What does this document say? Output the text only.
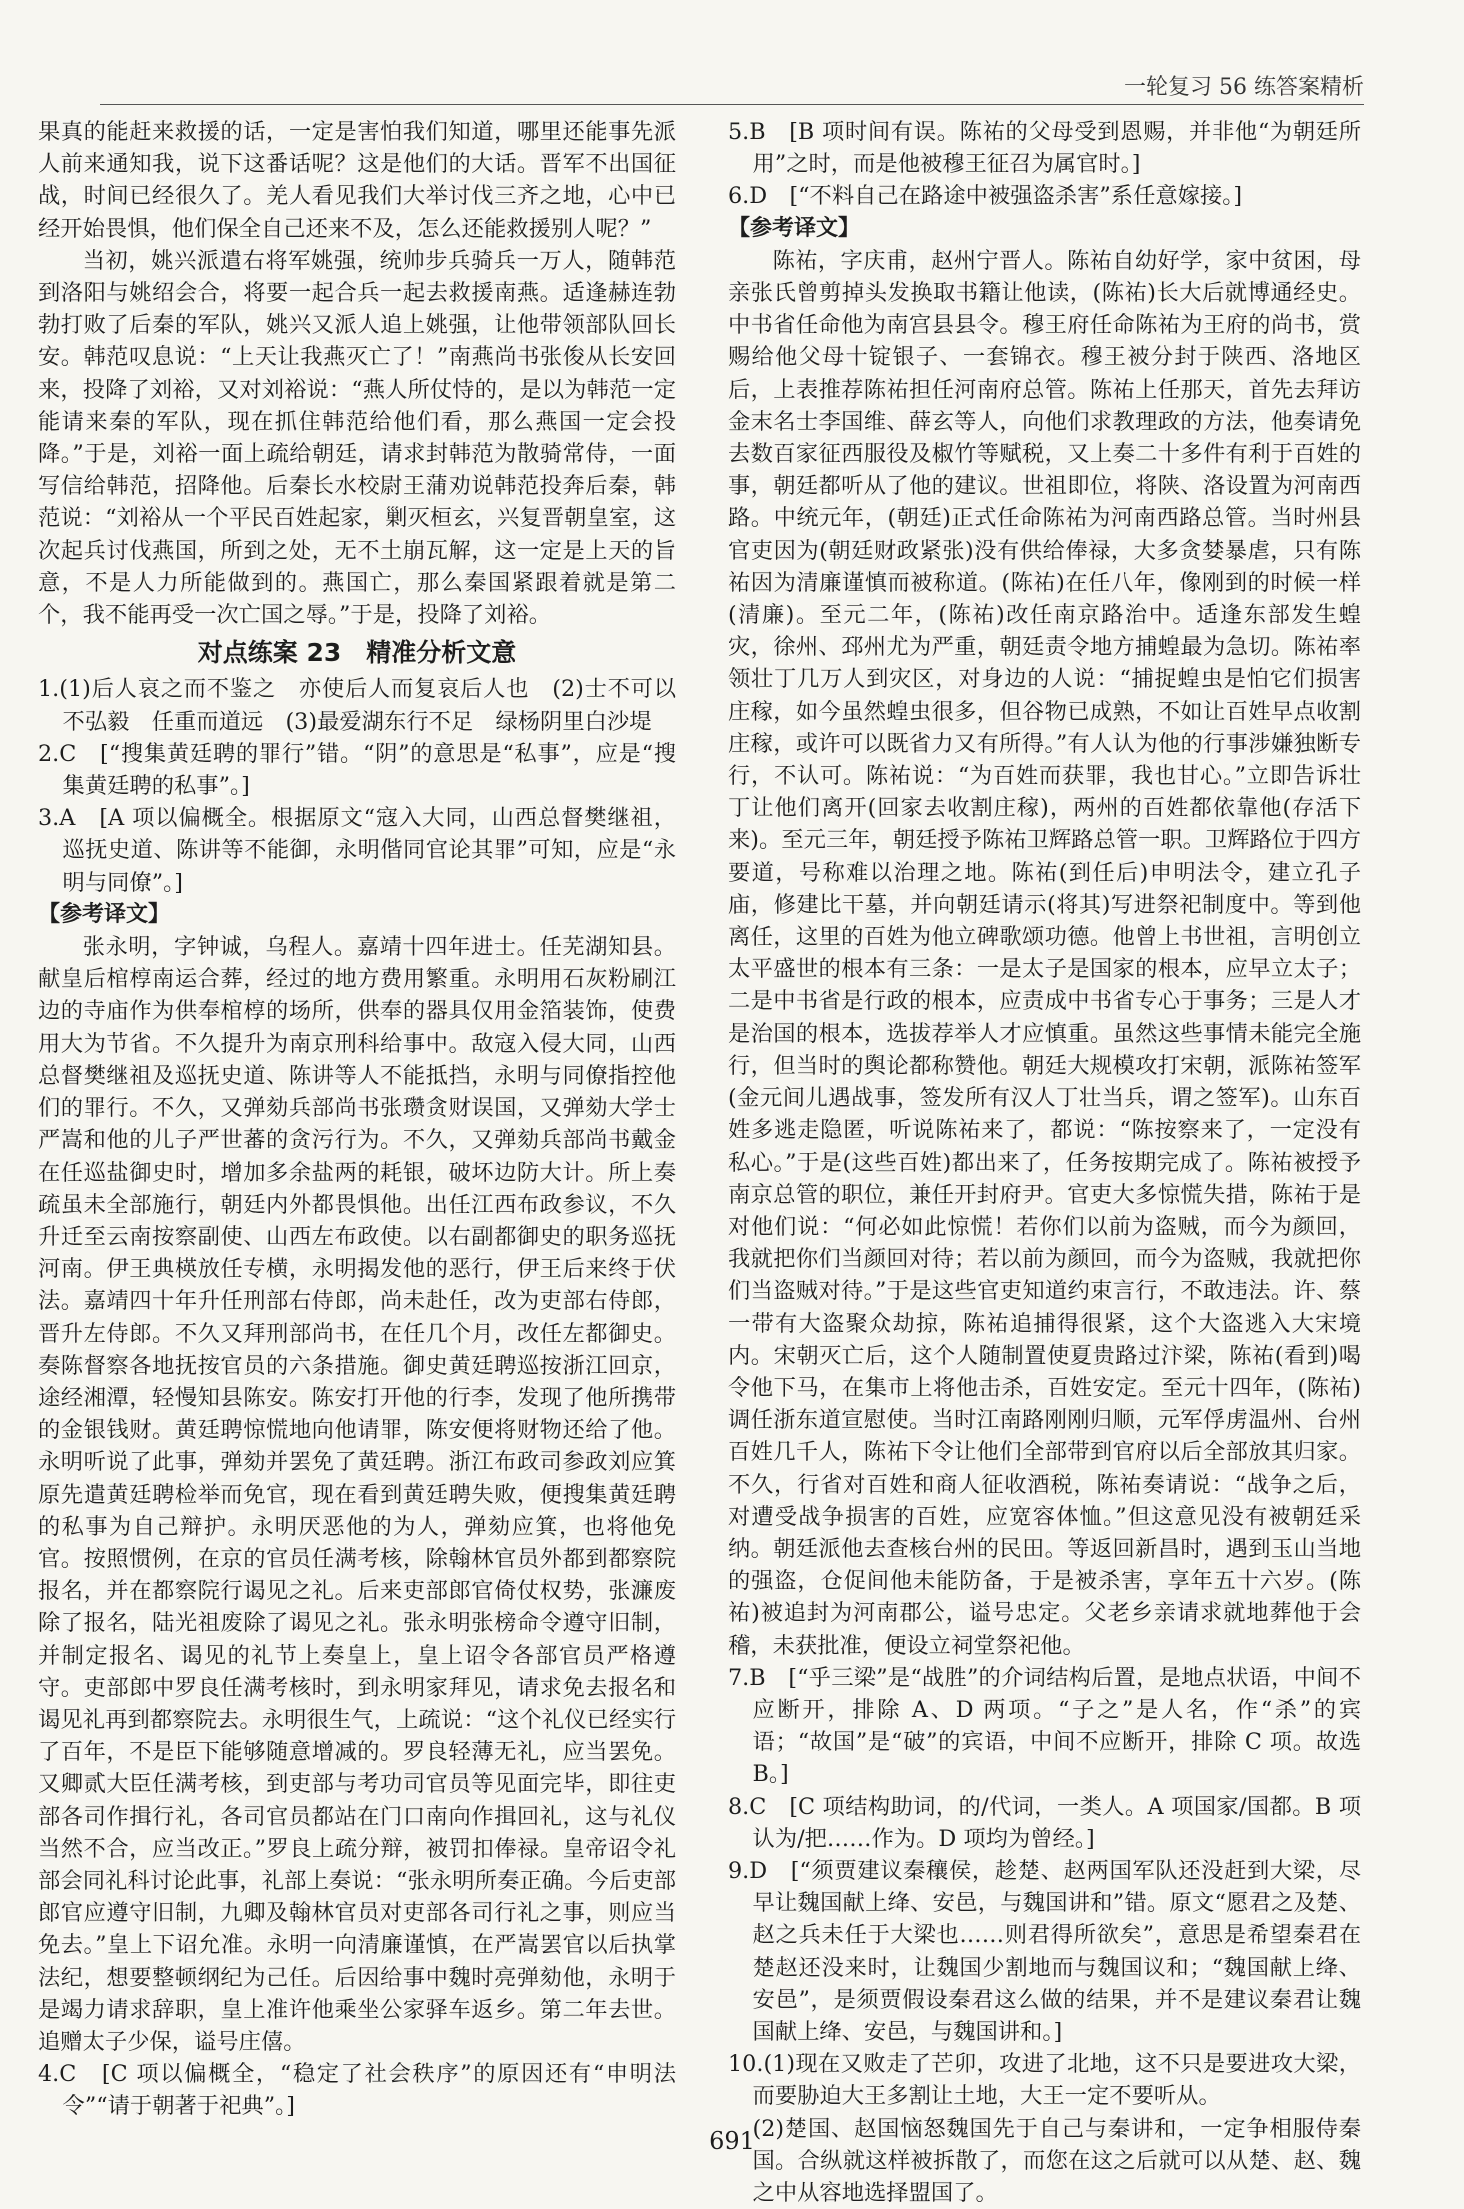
一轮复习 56 练答案精析

果真的能赶来救援的话，一定是害怕我们知道，哪里还能事先派人前来通知我，说下这番话呢？这是他们的大话。晋军不出国征战，时间已经很久了。羌人看见我们大举讨伐三齐之地，心中已经开始畏惧，他们保全自己还来不及，怎么还能救援别人呢？”

当初，姚兴派遣右将军姚强，统帅步兵骑兵一万人，随韩范到洛阳与姚绍会合，将要一起合兵一起去救援南燕。适逢赫连勃勃打败了后秦的军队，姚兴又派人追上姚强，让他带领部队回长安。韩范叹息说：“上天让我燕灭亡了！”南燕尚书张俊从长安回来，投降了刘裕，又对刘裕说：“燕人所仗恃的，是以为韩范一定能请来秦的军队，现在抓住韩范给他们看，那么燕国一定会投降。”于是，刘裕一面上疏给朝廷，请求封韩范为散骑常侍，一面写信给韩范，招降他。后秦长水校尉王蒲劝说韩范投奔后秦，韩范说：“刘裕从一个平民百姓起家，剿灭桓玄，兴复晋朝皇室，这次起兵讨伐燕国，所到之处，无不土崩瓦解，这一定是上天的旨意，不是人力所能做到的。燕国亡，那么秦国紧跟着就是第二个，我不能再受一次亡国之辱。”于是，投降了刘裕。

对点练案 23　精准分析文意

1.(1)后人哀之而不鉴之　亦使后人而复哀后人也　(2)士不可以不弘毅　任重而道远　(3)最爱湖东行不足　绿杨阴里白沙堤

2.C　[“搜集黄廷聘的罪行”错。“阴”的意思是“私事”，应是“搜集黄廷聘的私事”。]

3.A　[A 项以偏概全。根据原文“寇入大同，山西总督樊继祖，巡抚史道、陈讲等不能御，永明偕同官论其罪”可知，应是“永明与同僚”。]

【参考译文】

张永明，字钟诚，乌程人。嘉靖十四年进士。任芜湖知县。献皇后棺椁南运合葬，经过的地方费用繁重。永明用石灰粉刷江边的寺庙作为供奉棺椁的场所，供奉的器具仅用金箔装饰，使费用大为节省。不久提升为南京刑科给事中。敌寇入侵大同，山西总督樊继祖及巡抚史道、陈讲等人不能抵挡，永明与同僚指控他们的罪行。不久，又弹劾兵部尚书张瓒贪财误国，又弹劾大学士严嵩和他的儿子严世蕃的贪污行为。不久，又弹劾兵部尚书戴金在任巡盐御史时，增加多余盐两的耗银，破坏边防大计。所上奏疏虽未全部施行，朝廷内外都畏惧他。出任江西布政参议，不久升迁至云南按察副使、山西左布政使。以右副都御史的职务巡抚河南。伊王典楧放任专横，永明揭发他的恶行，伊王后来终于伏法。嘉靖四十年升任刑部右侍郎，尚未赴任，改为吏部右侍郎，晋升左侍郎。不久又拜刑部尚书，在任几个月，改任左都御史。奏陈督察各地抚按官员的六条措施。御史黄廷聘巡按浙江回京，途经湘潭，轻慢知县陈安。陈安打开他的行李，发现了他所携带的金银钱财。黄廷聘惊慌地向他请罪，陈安便将财物还给了他。永明听说了此事，弹劾并罢免了黄廷聘。浙江布政司参政刘应箕原先遣黄廷聘检举而免官，现在看到黄廷聘失败，便搜集黄廷聘的私事为自己辩护。永明厌恶他的为人，弹劾应箕，也将他免官。按照惯例，在京的官员任满考核，除翰林官员外都到都察院报名，并在都察院行谒见之礼。后来吏部郎官倚仗权势，张濂废除了报名，陆光祖废除了谒见之礼。张永明张榜命令遵守旧制，并制定报名、谒见的礼节上奏皇上，皇上诏令各部官员严格遵守。吏部郎中罗良任满考核时，到永明家拜见，请求免去报名和谒见礼再到都察院去。永明很生气，上疏说：“这个礼仪已经实行了百年，不是臣下能够随意增减的。罗良轻薄无礼，应当罢免。又卿贰大臣任满考核，到吏部与考功司官员等见面完毕，即往吏部各司作揖行礼，各司官员都站在门口南向作揖回礼，这与礼仪当然不合，应当改正。”罗良上疏分辩，被罚扣俸禄。皇帝诏令礼部会同礼科讨论此事，礼部上奏说：“张永明所奏正确。今后吏部郎官应遵守旧制，九卿及翰林官员对吏部各司行礼之事，则应当免去。”皇上下诏允准。永明一向清廉谨慎，在严嵩罢官以后执掌法纪，想要整顿纲纪为己任。后因给事中魏时亮弹劾他，永明于是竭力请求辞职，皇上准许他乘坐公家驿车返乡。第二年去世。追赠太子少保，谥号庄僖。

4.C　[C 项以偏概全，“稳定了社会秩序”的原因还有“申明法令”“请于朝著于祀典”。]

5.B　[B 项时间有误。陈祐的父母受到恩赐，并非他“为朝廷所用”之时，而是他被穆王征召为属官时。]

6.D　[“不料自己在路途中被强盗杀害”系任意嫁接。]

【参考译文】

陈祐，字庆甫，赵州宁晋人。陈祐自幼好学，家中贫困，母亲张氏曾剪掉头发换取书籍让他读，(陈祐)长大后就博通经史。中书省任命他为南宫县县令。穆王府任命陈祐为王府的尚书，赏赐给他父母十锭银子、一套锦衣。穆王被分封于陕西、洛地区后，上表推荐陈祐担任河南府总管。陈祐上任那天，首先去拜访金末名士李国维、薛玄等人，向他们求教理政的方法，他奏请免去数百家征西服役及椒竹等赋税，又上奏二十多件有利于百姓的事，朝廷都听从了他的建议。世祖即位，将陕、洛设置为河南西路。中统元年，(朝廷)正式任命陈祐为河南西路总管。当时州县官吏因为(朝廷财政紧张)没有供给俸禄，大多贪婪暴虐，只有陈祐因为清廉谨慎而被称道。(陈祐)在任八年，像刚到的时候一样(清廉)。至元二年，(陈祐)改任南京路治中。适逢东部发生蝗灾，徐州、邳州尤为严重，朝廷责令地方捕蝗最为急切。陈祐率领壮丁几万人到灾区，对身边的人说：“捕捉蝗虫是怕它们损害庄稼，如今虽然蝗虫很多，但谷物已成熟，不如让百姓早点收割庄稼，或许可以既省力又有所得。”有人认为他的行事涉嫌独断专行，不认可。陈祐说：“为百姓而获罪，我也甘心。”立即告诉壮丁让他们离开(回家去收割庄稼)，两州的百姓都依靠他(存活下来)。至元三年，朝廷授予陈祐卫辉路总管一职。卫辉路位于四方要道，号称难以治理之地。陈祐(到任后)申明法令，建立孔子庙，修建比干墓，并向朝廷请示(将其)写进祭祀制度中。等到他离任，这里的百姓为他立碑歌颂功德。他曾上书世祖，言明创立太平盛世的根本有三条：一是太子是国家的根本，应早立太子；二是中书省是行政的根本，应责成中书省专心于事务；三是人才是治国的根本，选拔荐举人才应慎重。虽然这些事情未能完全施行，但当时的舆论都称赞他。朝廷大规模攻打宋朝，派陈祐签军(金元间儿遇战事，签发所有汉人丁壮当兵，谓之签军)。山东百姓多逃走隐匿，听说陈祐来了，都说：“陈按察来了，一定没有私心。”于是(这些百姓)都出来了，任务按期完成了。陈祐被授予南京总管的职位，兼任开封府尹。官吏大多惊慌失措，陈祐于是对他们说：“何必如此惊慌！若你们以前为盗贼，而今为颜回，我就把你们当颜回对待；若以前为颜回，而今为盗贼，我就把你们当盗贼对待。”于是这些官吏知道约束言行，不敢违法。许、蔡一带有大盗聚众劫掠，陈祐追捕得很紧，这个大盗逃入大宋境内。宋朝灭亡后，这个人随制置使夏贵路过汴梁，陈祐(看到)喝令他下马，在集市上将他击杀，百姓安定。至元十四年，(陈祐)调任浙东道宣慰使。当时江南路刚刚归顺，元军俘虏温州、台州百姓几千人，陈祐下令让他们全部带到官府以后全部放其归家。不久，行省对百姓和商人征收酒税，陈祐奏请说：“战争之后，对遭受战争损害的百姓，应宽容体恤。”但这意见没有被朝廷采纳。朝廷派他去查核台州的民田。等返回新昌时，遇到玉山当地的强盗，仓促间他未能防备，于是被杀害，享年五十六岁。(陈祐)被追封为河南郡公，谥号忠定。父老乡亲请求就地葬他于会稽，未获批准，便设立祠堂祭祀他。

7.B　[“乎三梁”是“战胜”的介词结构后置，是地点状语，中间不应断开，排除 A、D 两项。“子之”是人名，作“杀”的宾语；“故国”是“破”的宾语，中间不应断开，排除 C 项。故选 B。]

8.C　[C 项结构助词，的/代词，一类人。A 项国家/国都。B 项认为/把……作为。D 项均为曾经。]

9.D　[“须贾建议秦穰侯，趁楚、赵两国军队还没赶到大梁，尽早让魏国献上绛、安邑，与魏国讲和”错。原文“愿君之及楚、赵之兵未任于大梁也……则君得所欲矣”，意思是希望秦君在楚赵还没来时，让魏国少割地而与魏国议和；“魏国献上绛、安邑”，是须贾假设秦君这么做的结果，并不是建议秦君让魏国献上绛、安邑，与魏国讲和。]

10.(1)现在又败走了芒卯，攻进了北地，这不只是要进攻大梁，而要胁迫大王多割让土地，大王一定不要听从。

(2)楚国、赵国恼怒魏国先于自己与秦讲和，一定争相服侍秦国。合纵就这样被拆散了，而您在这之后就可以从楚、赵、魏之中从容地选择盟国了。

691
